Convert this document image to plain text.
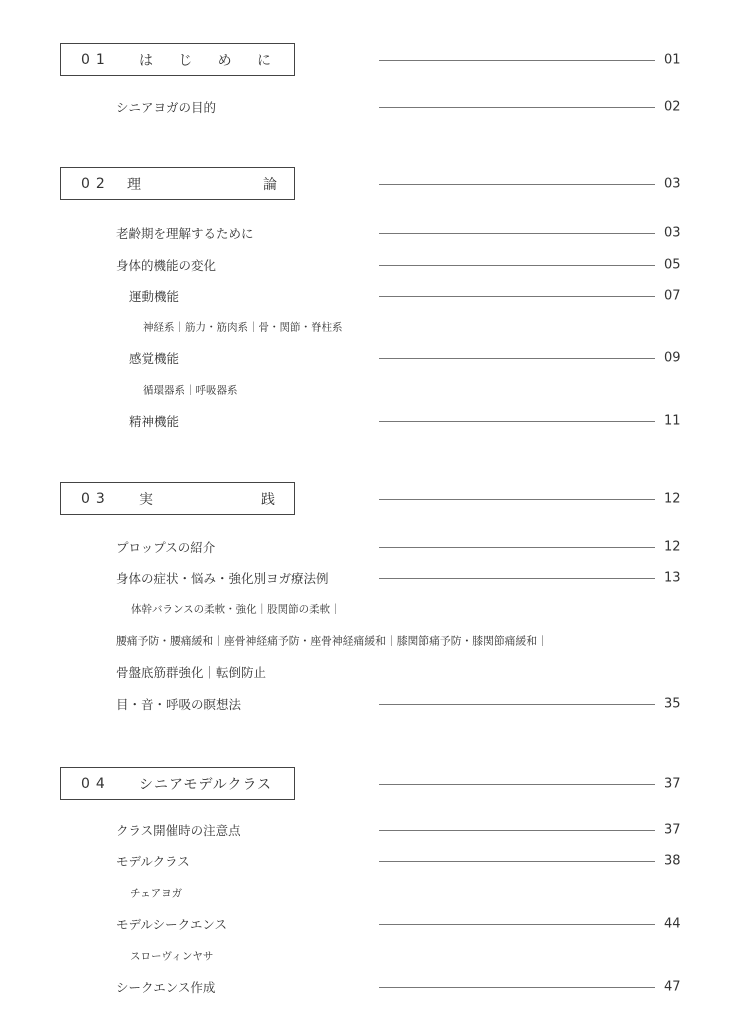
01 は じ め に	01
シニアヨガの目的	02
02 理	論	03
老齢期を理解するために	03
身体的機能の変化	05
運動機能	07
神経系｜筋力・筋肉系｜骨・関節・脊柱系
感覚機能	09
循環器系｜呼吸器系
精神機能	11
03 実	践	12
プロップスの紹介	12
身体の症状・悩み・強化別ヨガ療法例	13
体幹バランスの柔軟・強化｜股関節の柔軟｜
腰痛予防・腰痛緩和｜座骨神経痛予防・座骨神経痛緩和｜膝関節痛予防・膝関節痛緩和｜
骨盤底筋群強化｜転倒防止
目・音・呼吸の瞑想法	35
04 シニアモデルクラス	37
クラス開催時の注意点	37
モデルクラス	38
チェアヨガ
モデルシークエンス	44
スローヴィンヤサ
シークエンス作成	47
